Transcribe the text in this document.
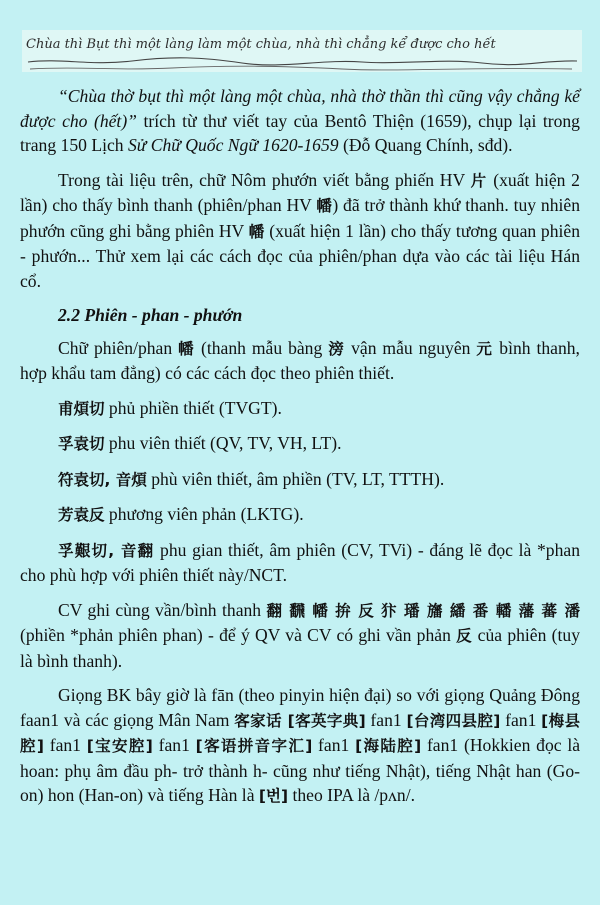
Chùa thì Bụt thì một làng làm một chùa, nhà thì chẳng kể được cho hết

“Chùa thờ bụt thì một làng một chùa, nhà thờ thần thì cũng vậy chẳng kể được cho (hết)” trích từ thư viết tay của Bentô Thiện (1659), chụp lại trong trang 150 Lịch Sử Chữ Quốc Ngữ 1620-1659 (Đỗ Quang Chính, sđd).

Trong tài liệu trên, chữ Nôm phướn viết bằng phiến HV 片 (xuất hiện 2 lần) cho thấy bình thanh (phiên/phan HV 幡) đã trở thành khứ thanh. tuy nhiên phướn cũng ghi bằng phiên HV 幡 (xuất hiện 1 lần) cho thấy tương quan phiên - phướn... Thử xem lại các cách đọc của phiên/phan dựa vào các tài liệu Hán cổ.

2.2 Phiên - phan - phướn

Chữ phiên/phan 幡 (thanh mẫu bàng 滂 vận mẫu nguyên 元 bình thanh, hợp khẩu tam đẳng) có các cách đọc theo phiên thiết.

甫煩切 phủ phiền thiết (TVGT).

孚袁切 phu viên thiết (QV, TV, VH, LT).

符袁切, 音煩 phù viên thiết, âm phiền (TV, LT, TTTH).

芳袁反 phương viên phản (LKTG).

孚艱切, 音翻 phu gian thiết, âm phiên (CV, TVi) - đáng lẽ đọc là *phan cho phù hợp với phiên thiết này/NCT.

CV ghi cùng vần/bình thanh 翻 飜 幡 拚 反 犿 璠 旛 繙 番 轓 藩 蕃 潘 (phiền *phản phiên phan) - để ý QV và CV có ghi vần phản 反 của phiên (tuy là bình thanh).

Giọng BK bây giờ là fān (theo pinyin hiện đại) so với giọng Quảng Đông faan1 và các giọng Mân Nam 客家话 [客英字典] fan1 [台湾四县腔] fan1 [梅县腔] fan1 [宝安腔] fan1 [客语拼音字汇] fan1 [海陆腔] fan1 (Hokkien đọc là hoan: phụ âm đầu ph- trở thành h- cũng như tiếng Nhật), tiếng Nhật han (Go-on) hon (Han-on) và tiếng Hàn là [번] theo IPA là /pʌn/.
